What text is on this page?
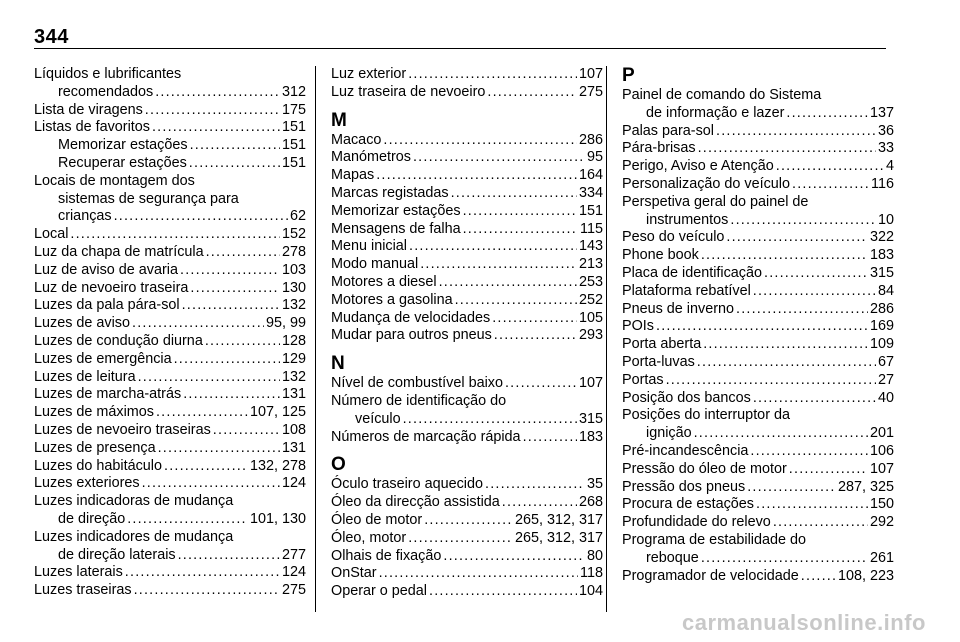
344
Líquidos e lubrificantes
recomendados . . .	312
Lista de viragens . . .	175
Listas de favoritos . . .	151
Memorizar estações . . .	151
Recuperar estações . . .	151
Locais de montagem dos
sistemas de segurança para
crianças . . .	62
Local . . .	152
Luz da chapa de matrícula . . .	278
Luz de aviso de avaria . . .	103
Luz de nevoeiro traseira . . .	130
Luzes da pala pára-sol . . .	132
Luzes de aviso . . .	95, 99
Luzes de condução diurna . . .	128
Luzes de emergência . . .	129
Luzes de leitura . . .	132
Luzes de marcha-atrás . . .	131
Luzes de máximos . . .	107, 125
Luzes de nevoeiro traseiras . . .	108
Luzes de presença . . .	131
Luzes do habitáculo . . .	132, 278
Luzes exteriores . . .	124
Luzes indicadoras de mudança
de direção . . .	101, 130
Luzes indicadores de mudança
de direção laterais . . .	277
Luzes laterais . . .	124
Luzes traseiras . . .	275
Luz exterior . . .	107
Luz traseira de nevoeiro . . .	275
M
Macaco . . .	286
Manómetros . . .	95
Mapas . . .	164
Marcas registadas . . .	334
Memorizar estações . . .	151
Mensagens de falha . . .	115
Menu inicial . . .	143
Modo manual . . .	213
Motores a diesel . . .	253
Motores a gasolina . . .	252
Mudança de velocidades . . .	105
Mudar para outros pneus . . .	293
N
Nível de combustível baixo . . .	107
Número de identificação do
veículo . . .	315
Números de marcação rápida . . .	183
O
Óculo traseiro aquecido . . .	35
Óleo da direcção assistida . . .	268
Óleo de motor . . .	265, 312, 317
Óleo, motor . . .	265, 312, 317
Olhais de fixação . . .	80
OnStar . . .	118
Operar o pedal . . .	104
P
Painel de comando do Sistema
de informação e lazer . . .	137
Palas para-sol . . .	36
Pára-brisas . . .	33
Perigo, Aviso e Atenção . . .	4
Personalização do veículo . . .	116
Perspetiva geral do painel de
instrumentos . . .	10
Peso do veículo . . .	322
Phone book . . .	183
Placa de identificação . . .	315
Plataforma rebatível . . .	84
Pneus de inverno . . .	286
POIs . . .	169
Porta aberta . . .	109
Porta-luvas . . .	67
Portas . . .	27
Posição dos bancos . . .	40
Posições do interruptor da
ignição . . .	201
Pré-incandescência . . .	106
Pressão do óleo de motor . . .	107
Pressão dos pneus . . .	287, 325
Procura de estações . . .	150
Profundidade do relevo . . .	292
Programa de estabilidade do
reboque . . .	261
Programador de velocidade . . .	108, 223
carmanualsonline.info
